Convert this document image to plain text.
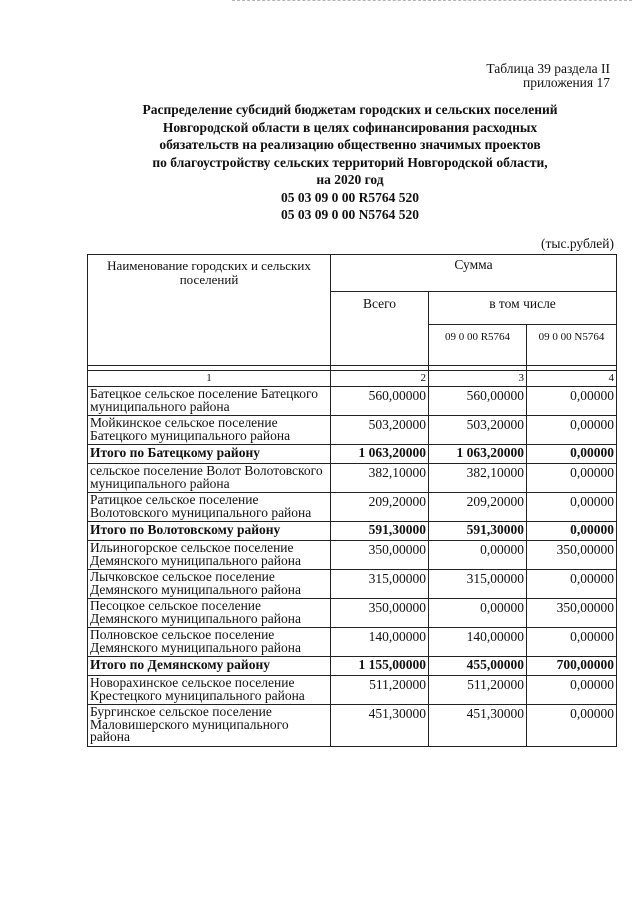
Таблица 39 раздела II
приложения 17
Распределение субсидий бюджетам городских и сельских поселений
Новгородской области в целях софинансирования расходных
обязательств на реализацию общественно значимых проектов
по благоустройству сельских территорий Новгородской области,
на 2020 год
05 03 09 0 00 R5764 520
05 03 09 0 00 N5764 520
(тыс.рублей)
Наименование городских и сельских поселений	Сумма		
	Всего	в том числе	
		09 0 00 R5764	09 0 00 N5764

1	2	3	4
Батецкое сельское поселение Батецкого муниципального района	560,00000	560,00000	0,00000
Мойкинское сельское поселение Батецкого муниципального района	503,20000	503,20000	0,00000
Итого по Батецкому району	1 063,20000	1 063,20000	0,00000
сельское поселение Волот Волотовского муниципального района	382,10000	382,10000	0,00000
Ратицкое сельское поселение Волотовского муниципального района	209,20000	209,20000	0,00000
Итого по Волотовскому району	591,30000	591,30000	0,00000
Ильиногорское сельское поселение Демянского муниципального района	350,00000	0,00000	350,00000
Лычковское сельское поселение Демянского муниципального района	315,00000	315,00000	0,00000
Песоцкое сельское поселение Демянского муниципального района	350,00000	0,00000	350,00000
Полновское сельское поселение Демянского муниципального района	140,00000	140,00000	0,00000
Итого по Демянскому району	1 155,00000	455,00000	700,00000
Новорахинское сельское поселение Крестецкого муниципального района	511,20000	511,20000	0,00000
Бургинское сельское поселение Маловишерского муниципального района	451,30000	451,30000	0,00000
